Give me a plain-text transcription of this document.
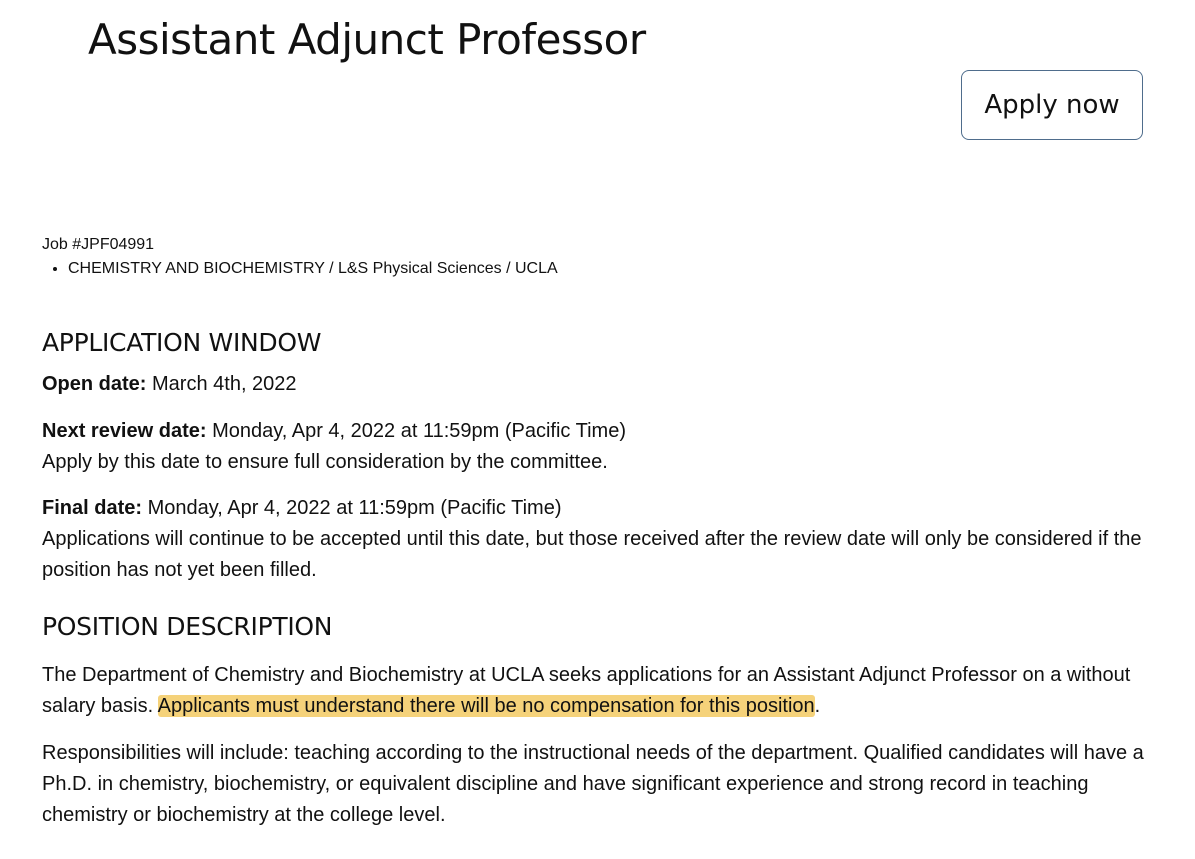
Assistant Adjunct Professor
Apply now
Job #JPF04991
• CHEMISTRY AND BIOCHEMISTRY / L&S Physical Sciences / UCLA
APPLICATION WINDOW

Open date: March 4th, 2022

Next review date: Monday, Apr 4, 2022 at 11:59pm (Pacific Time)
Apply by this date to ensure full consideration by the committee.

Final date: Monday, Apr 4, 2022 at 11:59pm (Pacific Time)
Applications will continue to be accepted until this date, but those received after the review date will only be considered if the position has not yet been filled.

POSITION DESCRIPTION

The Department of Chemistry and Biochemistry at UCLA seeks applications for an Assistant Adjunct Professor on a without salary basis. Applicants must understand there will be no compensation for this position.

Responsibilities will include: teaching according to the instructional needs of the department. Qualified candidates will have a Ph.D. in chemistry, biochemistry, or equivalent discipline and have significant experience and strong record in teaching chemistry or biochemistry at the college level.
